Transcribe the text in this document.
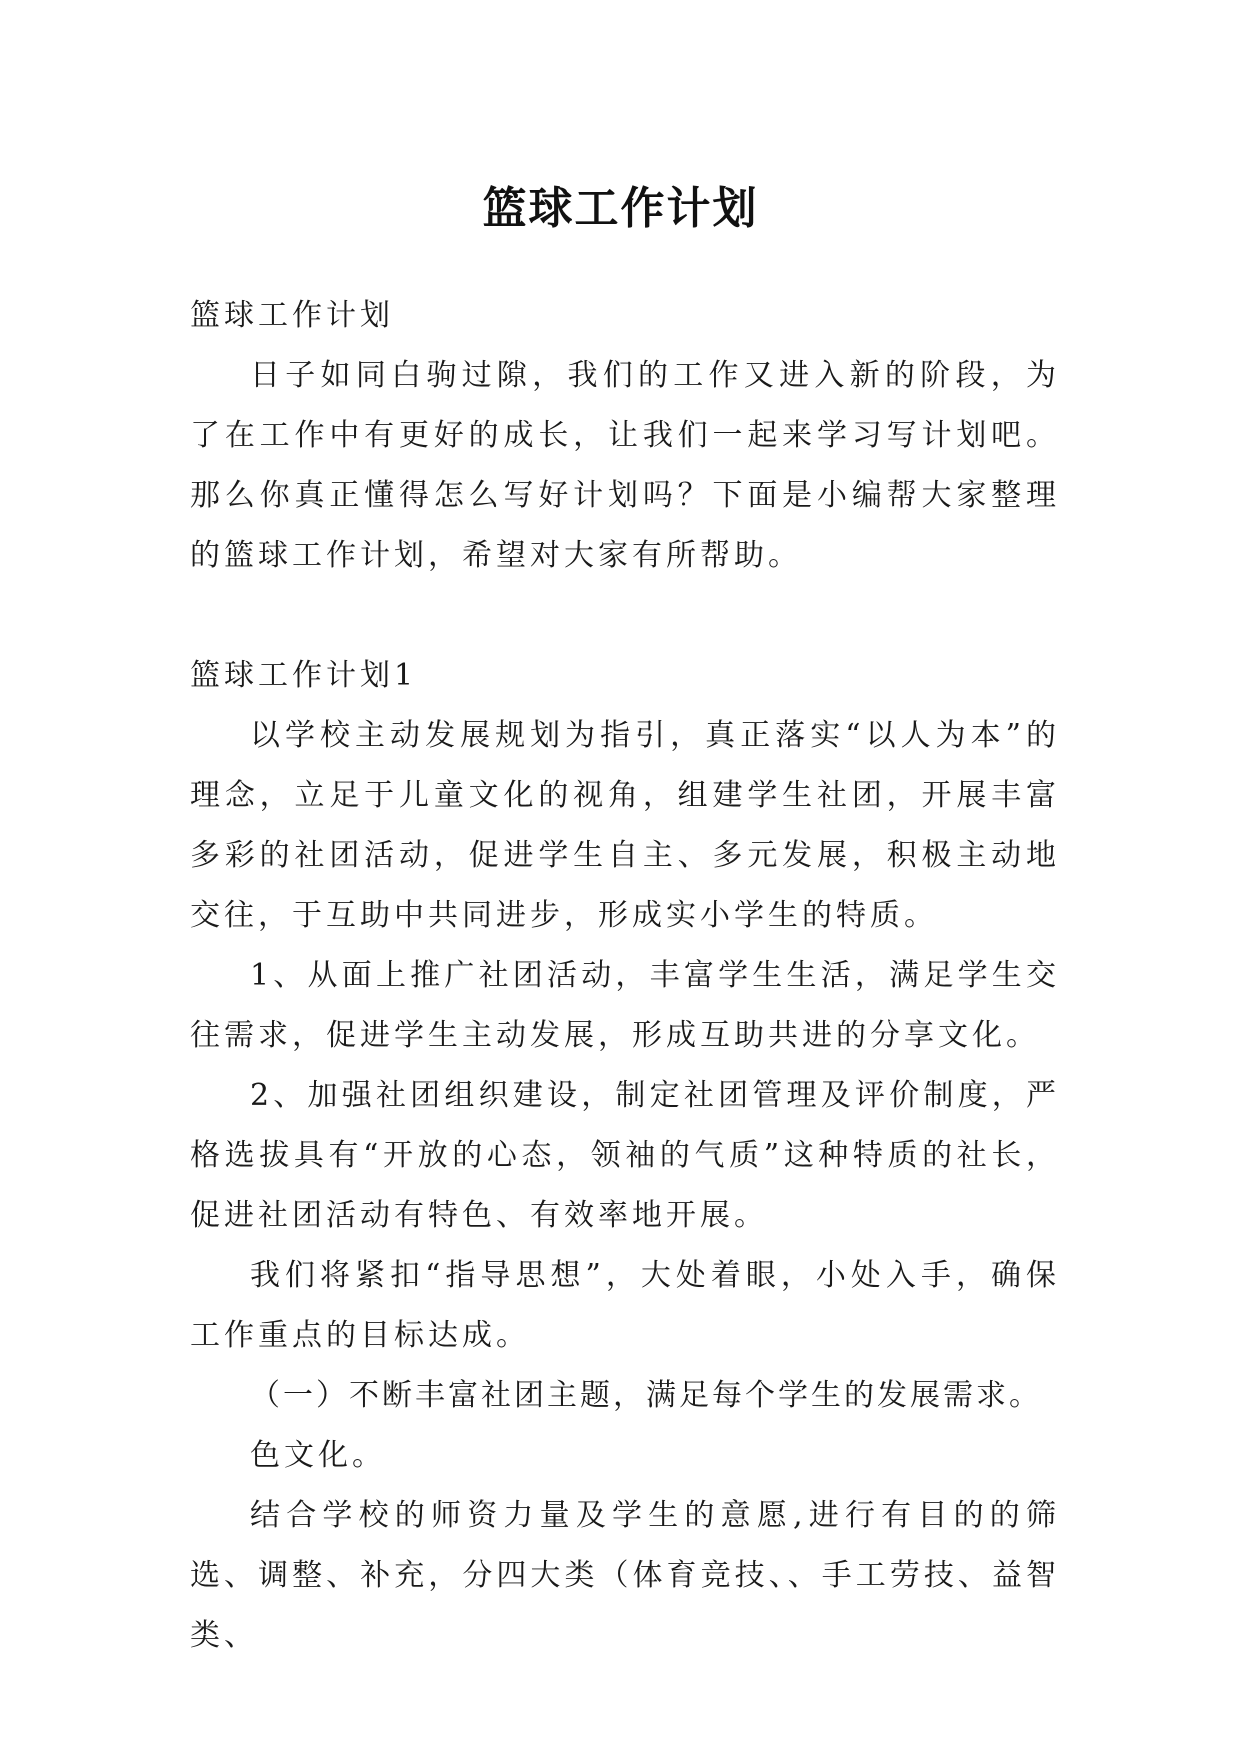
篮球工作计划

篮球工作计划

日子如同白驹过隙，我们的工作又进入新的阶段，为了在工作中有更好的成长，让我们一起来学习写计划吧。那么你真正懂得怎么写好计划吗？下面是小编帮大家整理的篮球工作计划，希望对大家有所帮助。

篮球工作计划1

以学校主动发展规划为指引，真正落实“以人为本”的理念，立足于儿童文化的视角，组建学生社团，开展丰富多彩的社团活动，促进学生自主、多元发展，积极主动地交往，于互助中共同进步，形成实小学生的特质。

1、从面上推广社团活动，丰富学生生活，满足学生交往需求，促进学生主动发展，形成互助共进的分享文化。

2、加强社团组织建设，制定社团管理及评价制度，严格选拔具有“开放的心态，领袖的气质”这种特质的社长，促进社团活动有特色、有效率地开展。

我们将紧扣“指导思想”，大处着眼，小处入手，确保工作重点的目标达成。

（一）不断丰富社团主题，满足每个学生的发展需求。

色文化。

结合学校的师资力量及学生的意愿,进行有目的的筛选、调整、补充，分四大类（体育竞技、、手工劳技、益智类、
